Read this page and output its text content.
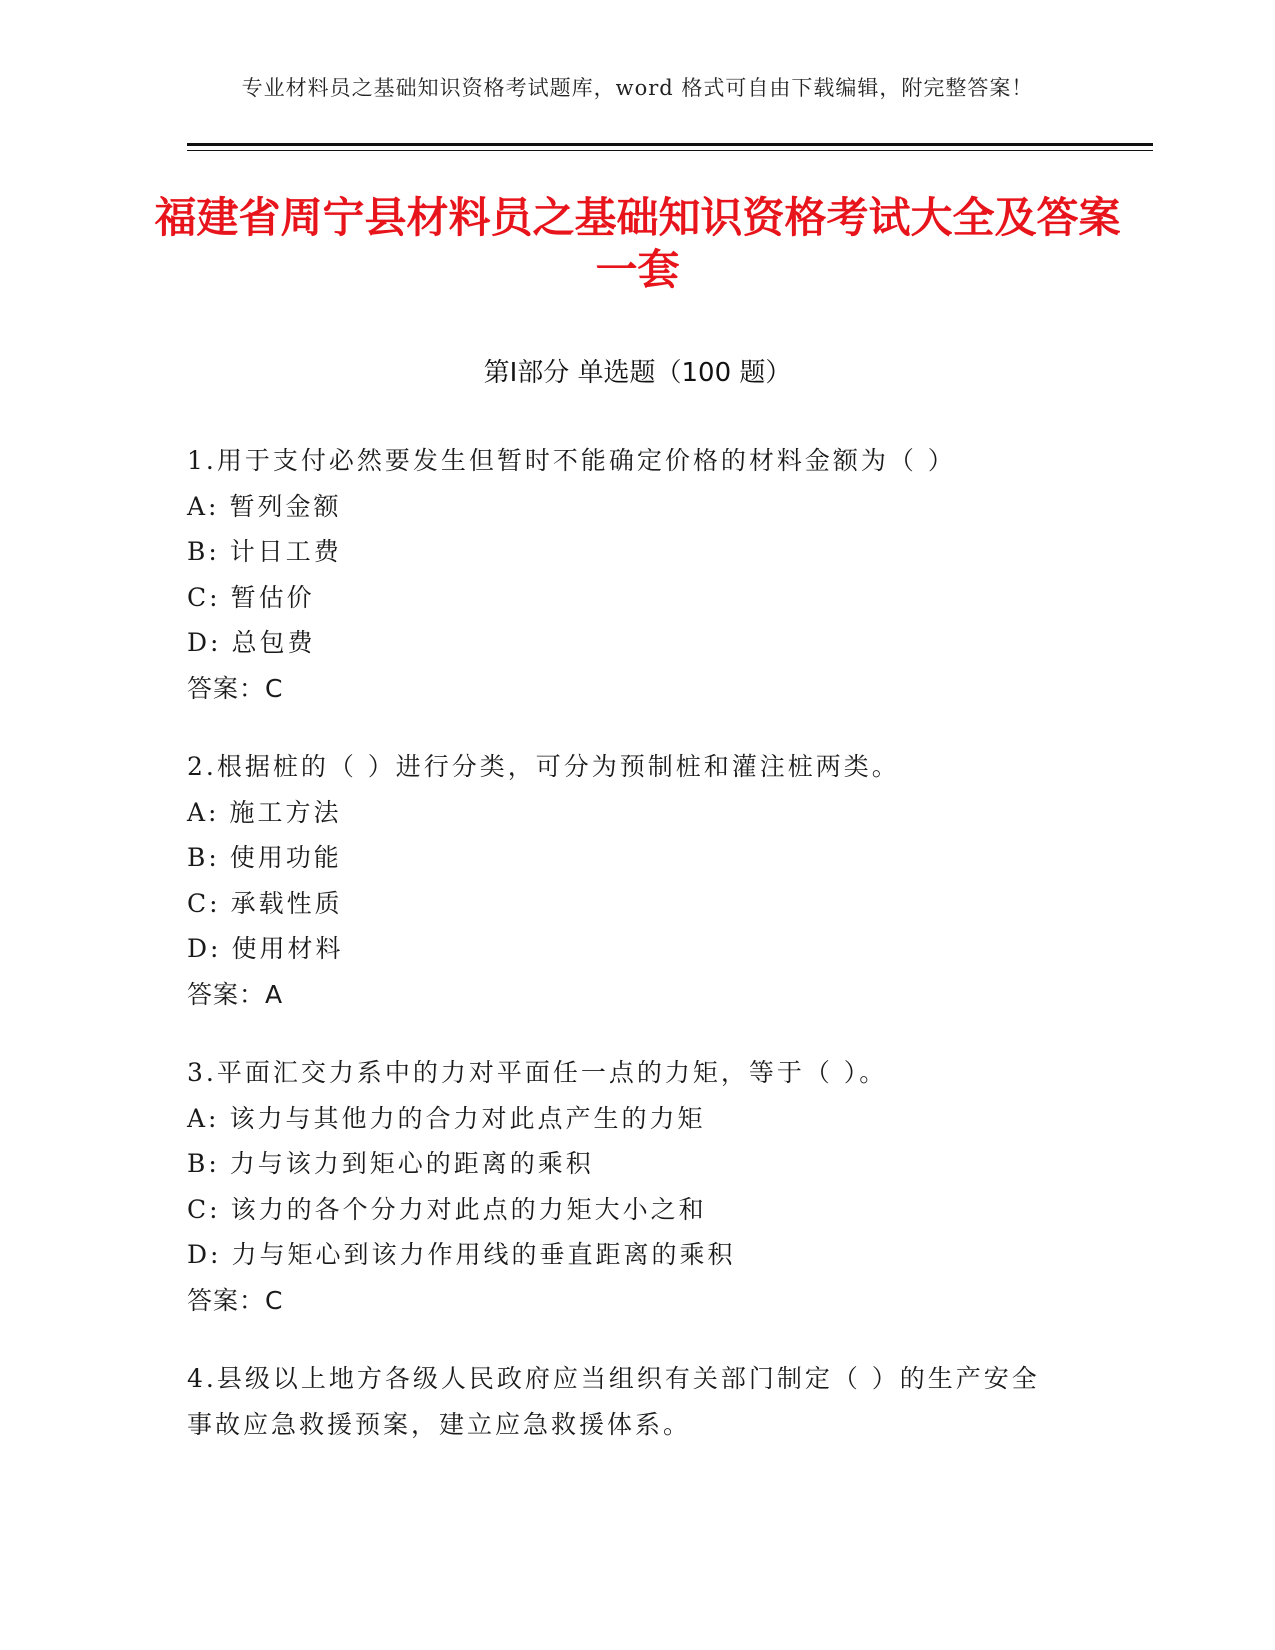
专业材料员之基础知识资格考试题库，word 格式可自由下载编辑，附完整答案！
福建省周宁县材料员之基础知识资格考试大全及答案一套
第Ⅰ部分 单选题（100 题）
1.用于支付必然要发生但暂时不能确定价格的材料金额为（ ）
A: 暂列金额
B: 计日工费
C: 暂估价
D: 总包费
答案：C
2.根据桩的（ ）进行分类，可分为预制桩和灌注桩两类。
A: 施工方法
B: 使用功能
C: 承载性质
D: 使用材料
答案：A
3.平面汇交力系中的力对平面任一点的力矩，等于（ ）。
A: 该力与其他力的合力对此点产生的力矩
B: 力与该力到矩心的距离的乘积
C: 该力的各个分力对此点的力矩大小之和
D: 力与矩心到该力作用线的垂直距离的乘积
答案：C
4.县级以上地方各级人民政府应当组织有关部门制定（ ）的生产安全事故应急救援预案，建立应急救援体系。
